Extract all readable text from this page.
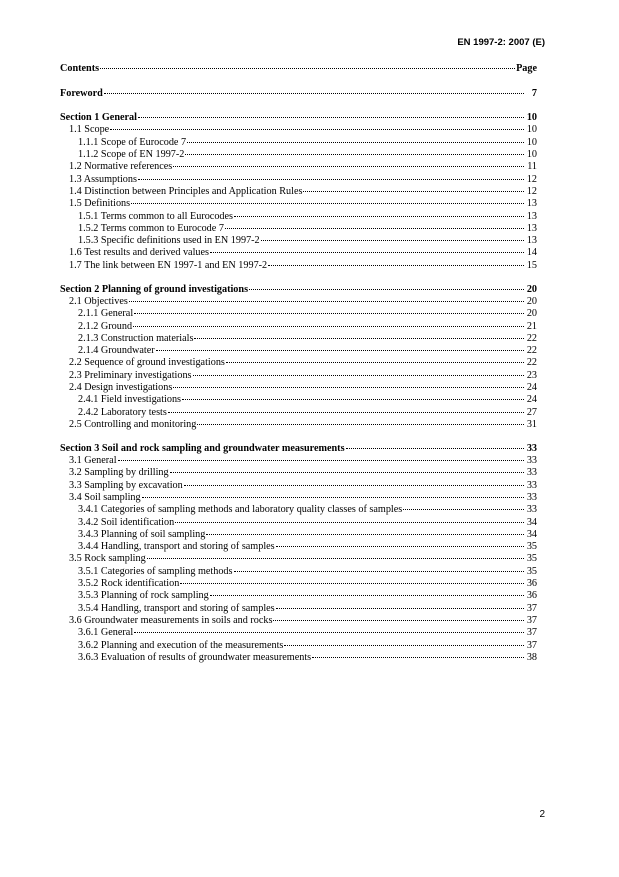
EN 1997-2: 2007 (E)
Contents	Page
Foreword	7
Section 1 General	10
1.1 Scope	10
1.1.1 Scope of Eurocode 7	10
1.1.2 Scope of EN 1997-2	10
1.2 Normative references	11
1.3 Assumptions	12
1.4 Distinction between Principles and Application Rules	12
1.5 Definitions	13
1.5.1 Terms common to all Eurocodes	13
1.5.2 Terms common to Eurocode 7	13
1.5.3 Specific definitions used in EN 1997-2	13
1.6 Test results and derived values	14
1.7 The link between EN 1997-1 and EN 1997-2	15
Section 2 Planning of ground investigations	20
2.1 Objectives	20
2.1.1 General	20
2.1.2 Ground	21
2.1.3 Construction materials	22
2.1.4 Groundwater	22
2.2 Sequence of ground investigations	22
2.3 Preliminary investigations	23
2.4 Design investigations	24
2.4.1 Field investigations	24
2.4.2 Laboratory tests	27
2.5 Controlling and monitoring	31
Section 3 Soil and rock sampling and groundwater measurements	33
3.1 General	33
3.2 Sampling by drilling	33
3.3 Sampling by excavation	33
3.4 Soil sampling	33
3.4.1 Categories of sampling methods and laboratory quality classes of samples	33
3.4.2 Soil identification	34
3.4.3 Planning of soil sampling	34
3.4.4 Handling, transport and storing of samples	35
3.5 Rock sampling	35
3.5.1 Categories of sampling methods	35
3.5.2 Rock identification	36
3.5.3 Planning of rock sampling	36
3.5.4 Handling, transport and storing of samples	37
3.6 Groundwater measurements in soils and rocks	37
3.6.1 General	37
3.6.2 Planning and execution of the measurements	37
3.6.3 Evaluation of results of groundwater measurements	38
2
